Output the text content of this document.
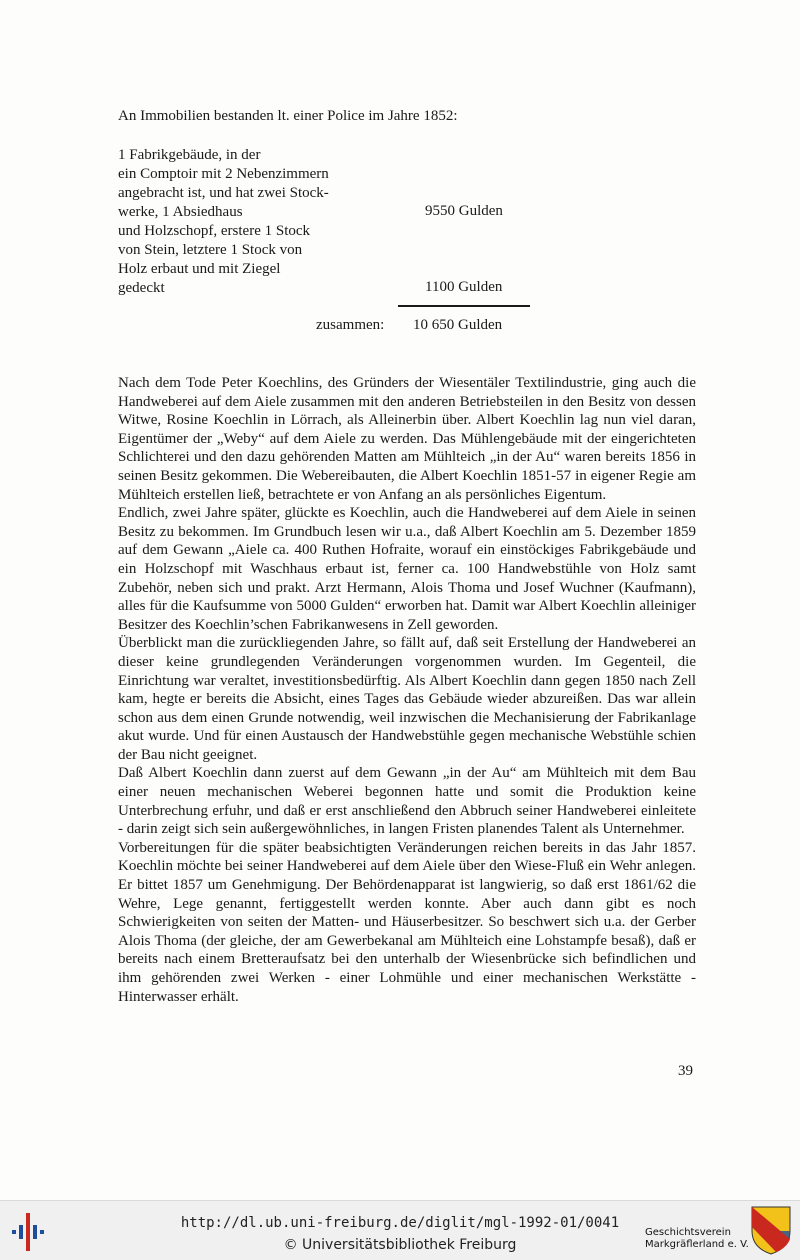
An Immobilien bestanden lt. einer Police im Jahre 1852:
1 Fabrikgebäude, in der
ein Comptoir mit 2 Nebenzimmern
angebracht ist, und hat zwei Stock-
werke, 1 Absiedhaus
und Holzschopf, erstere 1 Stock
von Stein, letztere 1 Stock von
Holz erbaut und mit Ziegel
gedeckt
9550 Gulden
1100 Gulden
zusammen: 10 650 Gulden

Nach dem Tode Peter Koechlins, des Gründers der Wiesentäler Textilindustrie, ging auch die Handweberei auf dem Aiele zusammen mit den anderen Betriebsteilen in den Besitz von dessen Witwe, Rosine Koechlin in Lörrach, als Alleinerbin über. Albert Koechlin lag nun viel daran, Eigentümer der „Weby“ auf dem Aiele zu werden. Das Mühlengebäude mit der eingerichteten Schlichterei und den dazu gehörenden Matten am Mühlteich „in der Au“ waren bereits 1856 in seinen Besitz gekommen. Die Webereibauten, die Albert Koechlin 1851-57 in eigener Regie am Mühlteich erstellen ließ, betrachtete er von Anfang an als persönliches Eigentum.

Endlich, zwei Jahre später, glückte es Koechlin, auch die Handweberei auf dem Aiele in seinen Besitz zu bekommen. Im Grundbuch lesen wir u.a., daß Albert Koechlin am 5. Dezember 1859 auf dem Gewann „Aiele ca. 400 Ruthen Hofraite, worauf ein einstöckiges Fabrikgebäude und ein Holzschopf mit Waschhaus erbaut ist, ferner ca. 100 Handwebstühle von Holz samt Zubehör, neben sich und prakt. Arzt Hermann, Alois Thoma und Josef Wuchner (Kaufmann), alles für die Kaufsumme von 5000 Gulden“ erworben hat. Damit war Albert Koechlin alleiniger Besitzer des Koechlin’schen Fabrikanwesens in Zell geworden.

Überblickt man die zurückliegenden Jahre, so fällt auf, daß seit Erstellung der Handweberei an dieser keine grundlegenden Veränderungen vorgenommen wurden. Im Gegenteil, die Einrichtung war veraltet, investitionsbedürftig. Als Albert Koechlin dann gegen 1850 nach Zell kam, hegte er bereits die Absicht, eines Tages das Gebäude wieder abzureißen. Das war allein schon aus dem einen Grunde notwendig, weil inzwischen die Mechanisierung der Fabrikanlage akut wurde. Und für einen Austausch der Handwebstühle gegen mechanische Webstühle schien der Bau nicht geeignet.

Daß Albert Koechlin dann zuerst auf dem Gewann „in der Au“ am Mühlteich mit dem Bau einer neuen mechanischen Weberei begonnen hatte und somit die Produktion keine Unterbrechung erfuhr, und daß er erst anschließend den Abbruch seiner Handweberei einleitete - darin zeigt sich sein außergewöhnliches, in langen Fristen planendes Talent als Unternehmer.

Vorbereitungen für die später beabsichtigten Veränderungen reichen bereits in das Jahr 1857. Koechlin möchte bei seiner Handweberei auf dem Aiele über den Wiese-Fluß ein Wehr anlegen. Er bittet 1857 um Genehmigung. Der Behördenapparat ist langwierig, so daß erst 1861/62 die Wehre, Lege genannt, fertiggestellt werden konnte. Aber auch dann gibt es noch Schwierigkeiten von seiten der Matten- und Häuserbesitzer. So beschwert sich u.a. der Gerber Alois Thoma (der gleiche, der am Gewerbekanal am Mühlteich eine Lohstampfe besaß), daß er bereits nach einem Bretteraufsatz bei den unterhalb der Wiesenbrücke sich befindlichen und ihm gehörenden zwei Werken - einer Lohmühle und einer mechanischen Werkstätte - Hinterwasser erhält.

39
http://dl.ub.uni-freiburg.de/diglit/mgl-1992-01/0041
© Universitätsbibliothek Freiburg
Geschichtsverein
Markgräflerland e. V.
